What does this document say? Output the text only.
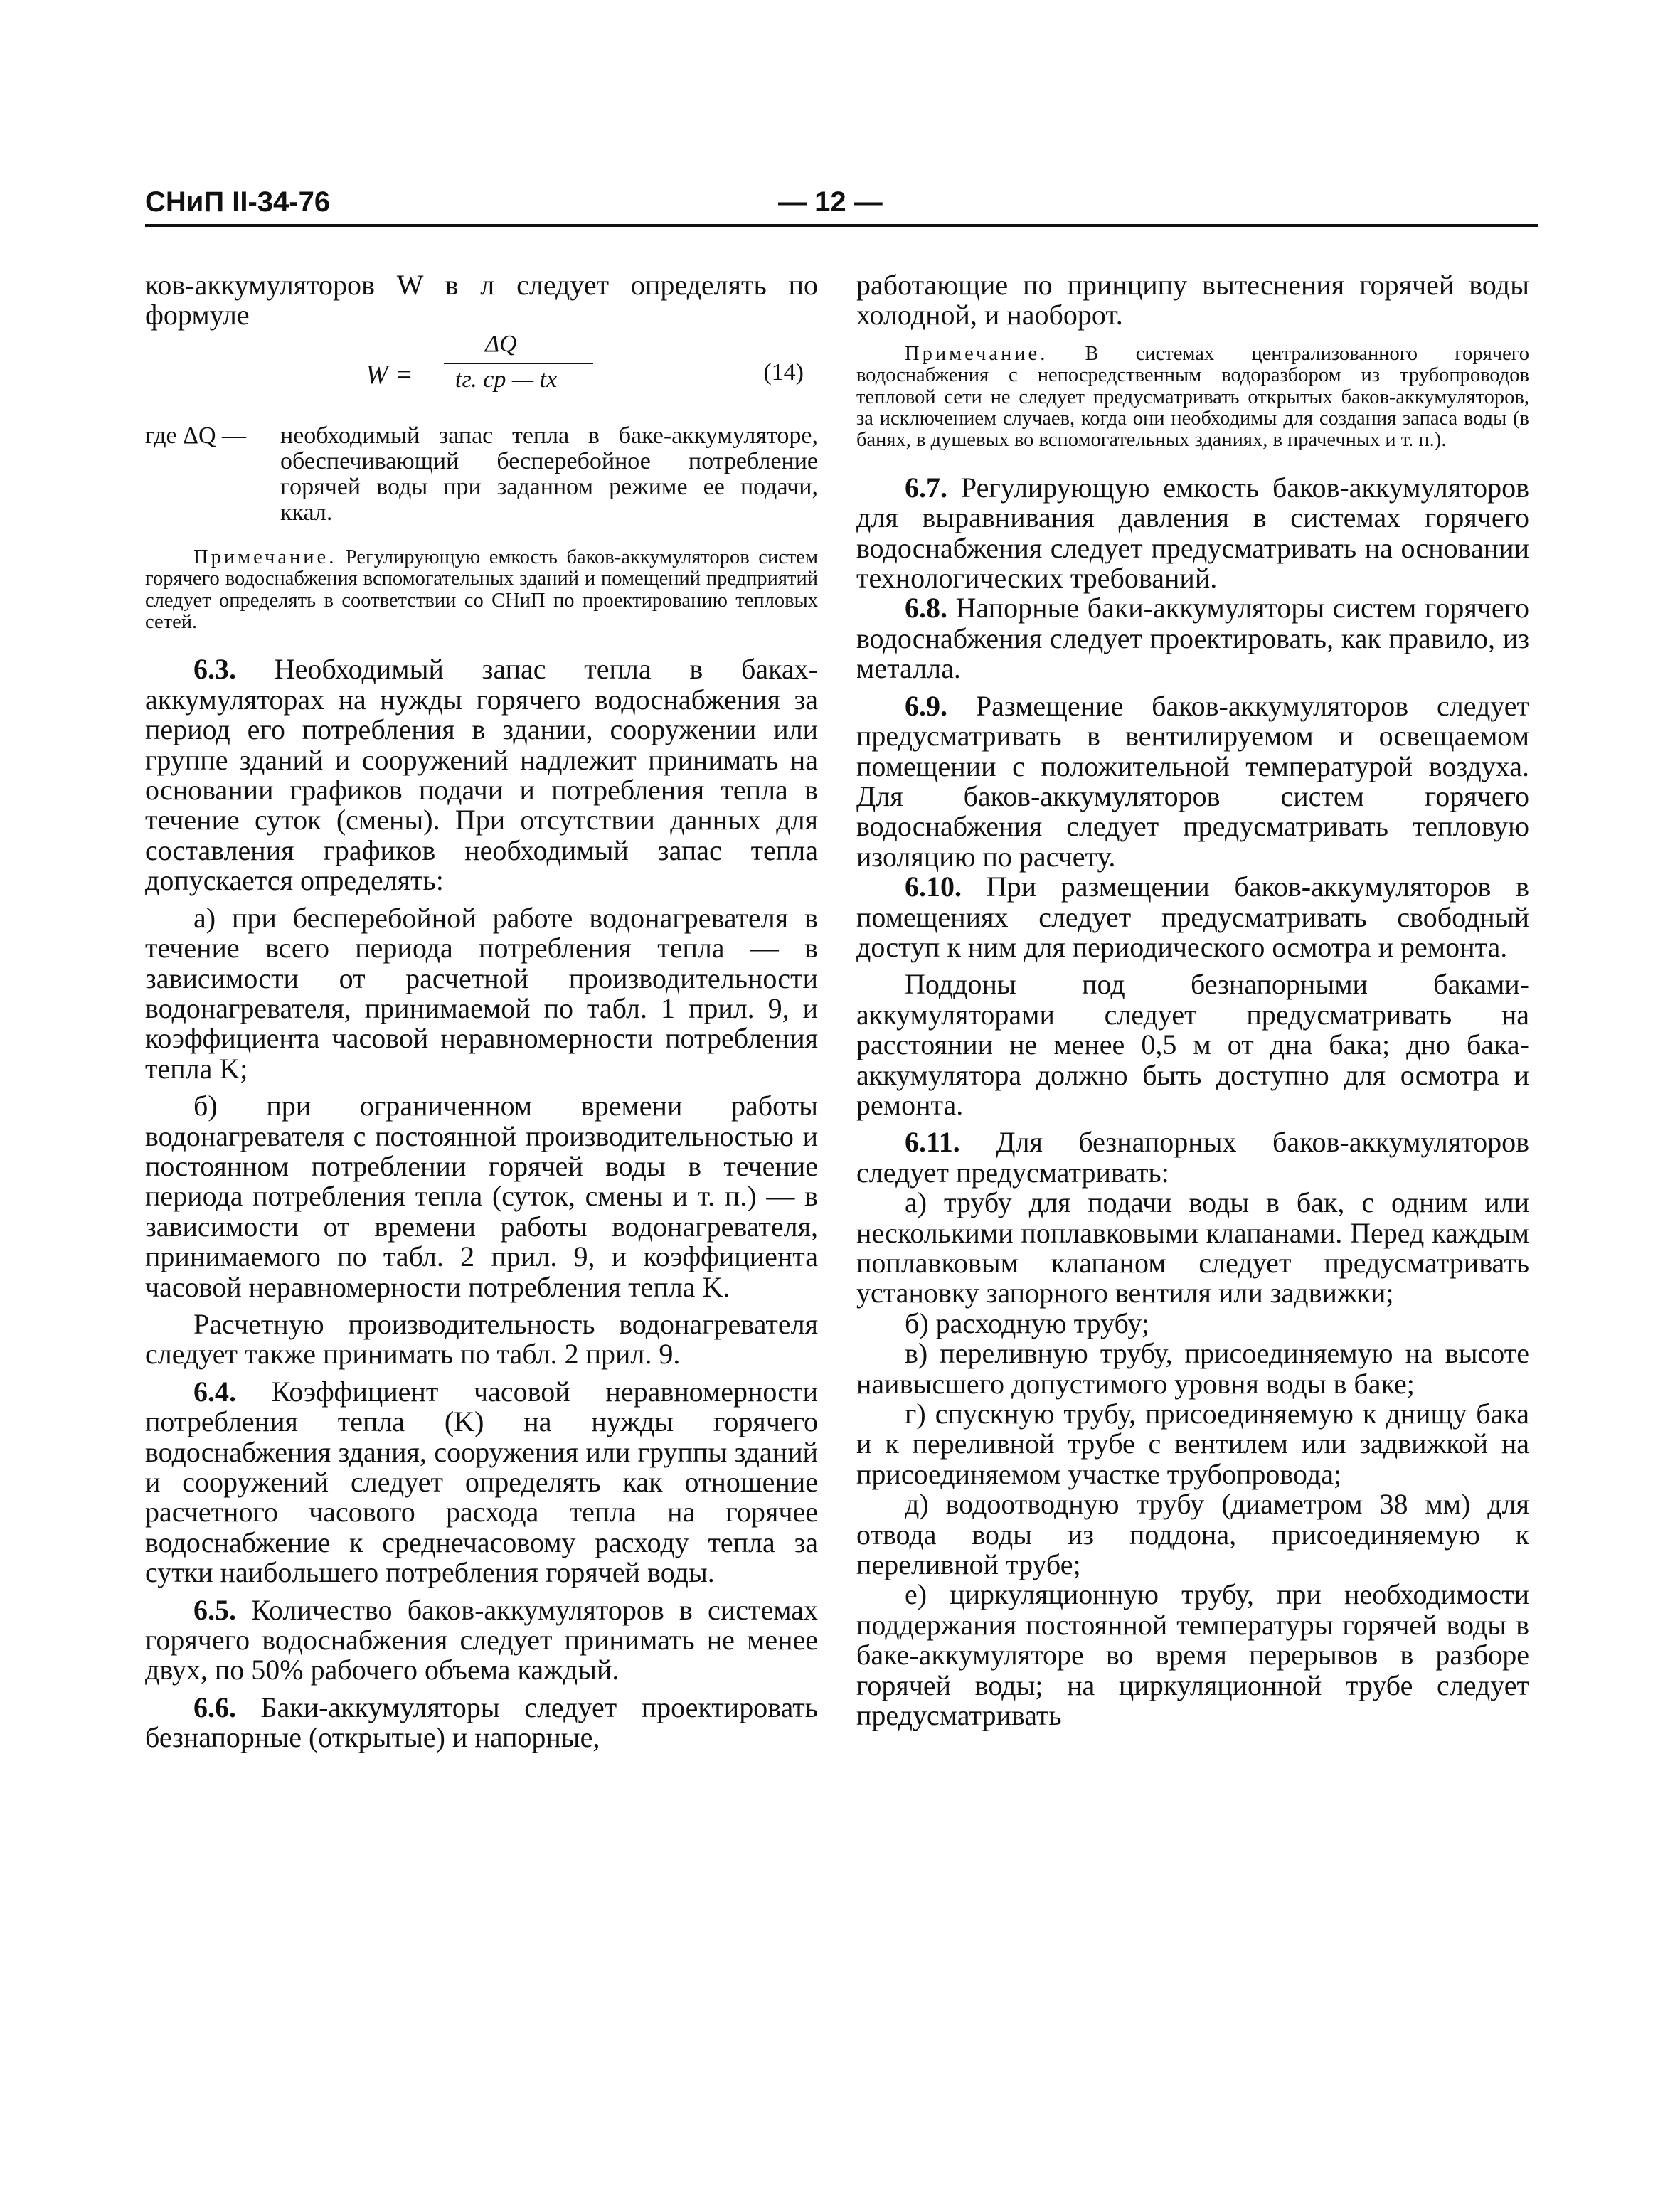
СНиП II-34-76	— 12 —

ков-аккумуляторов W в л следует определять по формуле

W =
ΔQ
tг. ср — tх	(14)
где ΔQ — необходимый запас тепла в баке-аккумуляторе, обеспечивающий бесперебойное потребление горячей воды при заданном режиме ее подачи, ккал.

Примечание. Регулирующую емкость баков-аккумуляторов систем горячего водоснабжения вспомогательных зданий и помещений предприятий следует определять в соответствии со СНиП по проектированию тепловых сетей.

6.3. Необходимый запас тепла в баках-аккумуляторах на нужды горячего водоснабжения за период его потребления в здании, сооружении или группе зданий и сооружений надлежит принимать на основании графиков подачи и потребления тепла в течение суток (смены). При отсутствии данных для составления графиков необходимый запас тепла допускается определять:

а) при бесперебойной работе водонагревателя в течение всего периода потребления тепла — в зависимости от расчетной производительности водонагревателя, принимаемой по табл. 1 прил. 9, и коэффициента часовой неравномерности потребления тепла K;

б) при ограниченном времени работы водонагревателя с постоянной производительностью и постоянном потреблении горячей воды в течение периода потребления тепла (суток, смены и т. п.) — в зависимости от времени работы водонагревателя, принимаемого по табл. 2 прил. 9, и коэффициента часовой неравномерности потребления тепла K.

Расчетную производительность водонагревателя следует также принимать по табл. 2 прил. 9.

6.4. Коэффициент часовой неравномерности потребления тепла (K) на нужды горячего водоснабжения здания, сооружения или группы зданий и сооружений следует определять как отношение расчетного часового расхода тепла на горячее водоснабжение к среднечасовому расходу тепла за сутки наибольшего потребления горячей воды.

6.5. Количество баков-аккумуляторов в системах горячего водоснабжения следует принимать не менее двух, по 50% рабочего объема каждый.

6.6. Баки-аккумуляторы следует проектировать безнапорные (открытые) и напорные,

работающие по принципу вытеснения горячей воды холодной, и наоборот.

Примечание. В системах централизованного горячего водоснабжения с непосредственным водоразбором из трубопроводов тепловой сети не следует предусматривать открытых баков-аккумуляторов, за исключением случаев, когда они необходимы для создания запаса воды (в банях, в душевых во вспомогательных зданиях, в прачечных и т. п.).

6.7. Регулирующую емкость баков-аккумуляторов для выравнивания давления в системах горячего водоснабжения следует предусматривать на основании технологических требований.

6.8. Напорные баки-аккумуляторы систем горячего водоснабжения следует проектировать, как правило, из металла.

6.9. Размещение баков-аккумуляторов следует предусматривать в вентилируемом и освещаемом помещении с положительной температурой воздуха. Для баков-аккумуляторов систем горячего водоснабжения следует предусматривать тепловую изоляцию по расчету.

6.10. При размещении баков-аккумуляторов в помещениях следует предусматривать свободный доступ к ним для периодического осмотра и ремонта.

Поддоны под безнапорными баками-аккумуляторами следует предусматривать на расстоянии не менее 0,5 м от дна бака; дно бака-аккумулятора должно быть доступно для осмотра и ремонта.

6.11. Для безнапорных баков-аккумуляторов следует предусматривать:

а) трубу для подачи воды в бак, с одним или несколькими поплавковыми клапанами. Перед каждым поплавковым клапаном следует предусматривать установку запорного вентиля или задвижки;

б) расходную трубу;

в) переливную трубу, присоединяемую на высоте наивысшего допустимого уровня воды в баке;

г) спускную трубу, присоединяемую к днищу бака и к переливной трубе с вентилем или задвижкой на присоединяемом участке трубопровода;

д) водоотводную трубу (диаметром 38 мм) для отвода воды из поддона, присоединяемую к переливной трубе;

е) циркуляционную трубу, при необходимости поддержания постоянной температуры горячей воды в баке-аккумуляторе во время перерывов в разборе горячей воды; на циркуляционной трубе следует предусматривать
